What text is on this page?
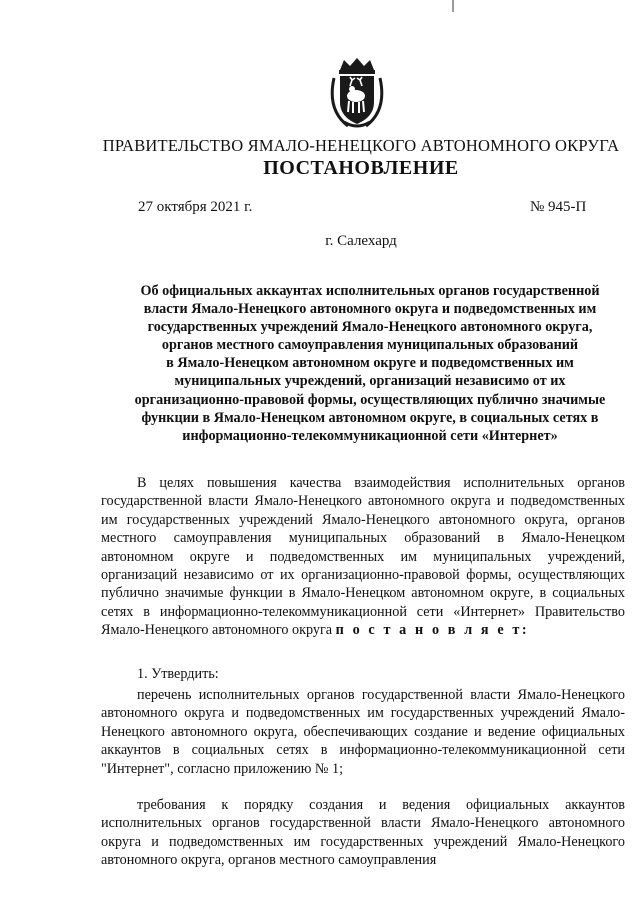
ПРАВИТЕЛЬСТВО ЯМАЛО-НЕНЕЦКОГО АВТОНОМНОГО ОКРУГА
ПОСТАНОВЛЕНИЕ
27 октября 2021 г.	№ 945-П
г. Салехард
Об официальных аккаунтах исполнительных органов государственной
власти Ямало-Ненецкого автономного округа и подведомственных им
государственных учреждений Ямало-Ненецкого автономного округа,
органов местного самоуправления муниципальных образований
в Ямало-Ненецком автономном округе и подведомственных им
муниципальных учреждений, организаций независимо от их
организационно-правовой формы, осуществляющих публично значимые
функции в Ямало-Ненецком автономном округе, в социальных сетях в
информационно-телекоммуникационной сети «Интернет»
В целях повышения качества взаимодействия исполнительных органов государственной власти Ямало-Ненецкого автономного округа и подведомственных им государственных учреждений Ямало-Ненецкого автономного округа, органов местного самоуправления муниципальных образований в Ямало-Ненецком автономном округе и подведомственных им муниципальных учреждений, организаций независимо от их организационно-правовой формы, осуществляющих публично значимые функции в Ямало-Ненецком автономном округе, в социальных сетях в информационно-телекоммуникационной сети «Интернет» Правительство Ямало-Ненецкого автономного округа п о с т а н о в л я е т:
1. Утвердить:
перечень исполнительных органов государственной власти Ямало-Ненецкого автономного округа и подведомственных им государственных учреждений Ямало-Ненецкого автономного округа, обеспечивающих создание и ведение официальных аккаунтов в социальных сетях в информационно-телекоммуникационной сети "Интернет", согласно приложению № 1;
требования к порядку создания и ведения официальных аккаунтов исполнительных органов государственной власти Ямало-Ненецкого автономного округа и подведомственных им государственных учреждений Ямало-Ненецкого автономного округа, органов местного самоуправления
